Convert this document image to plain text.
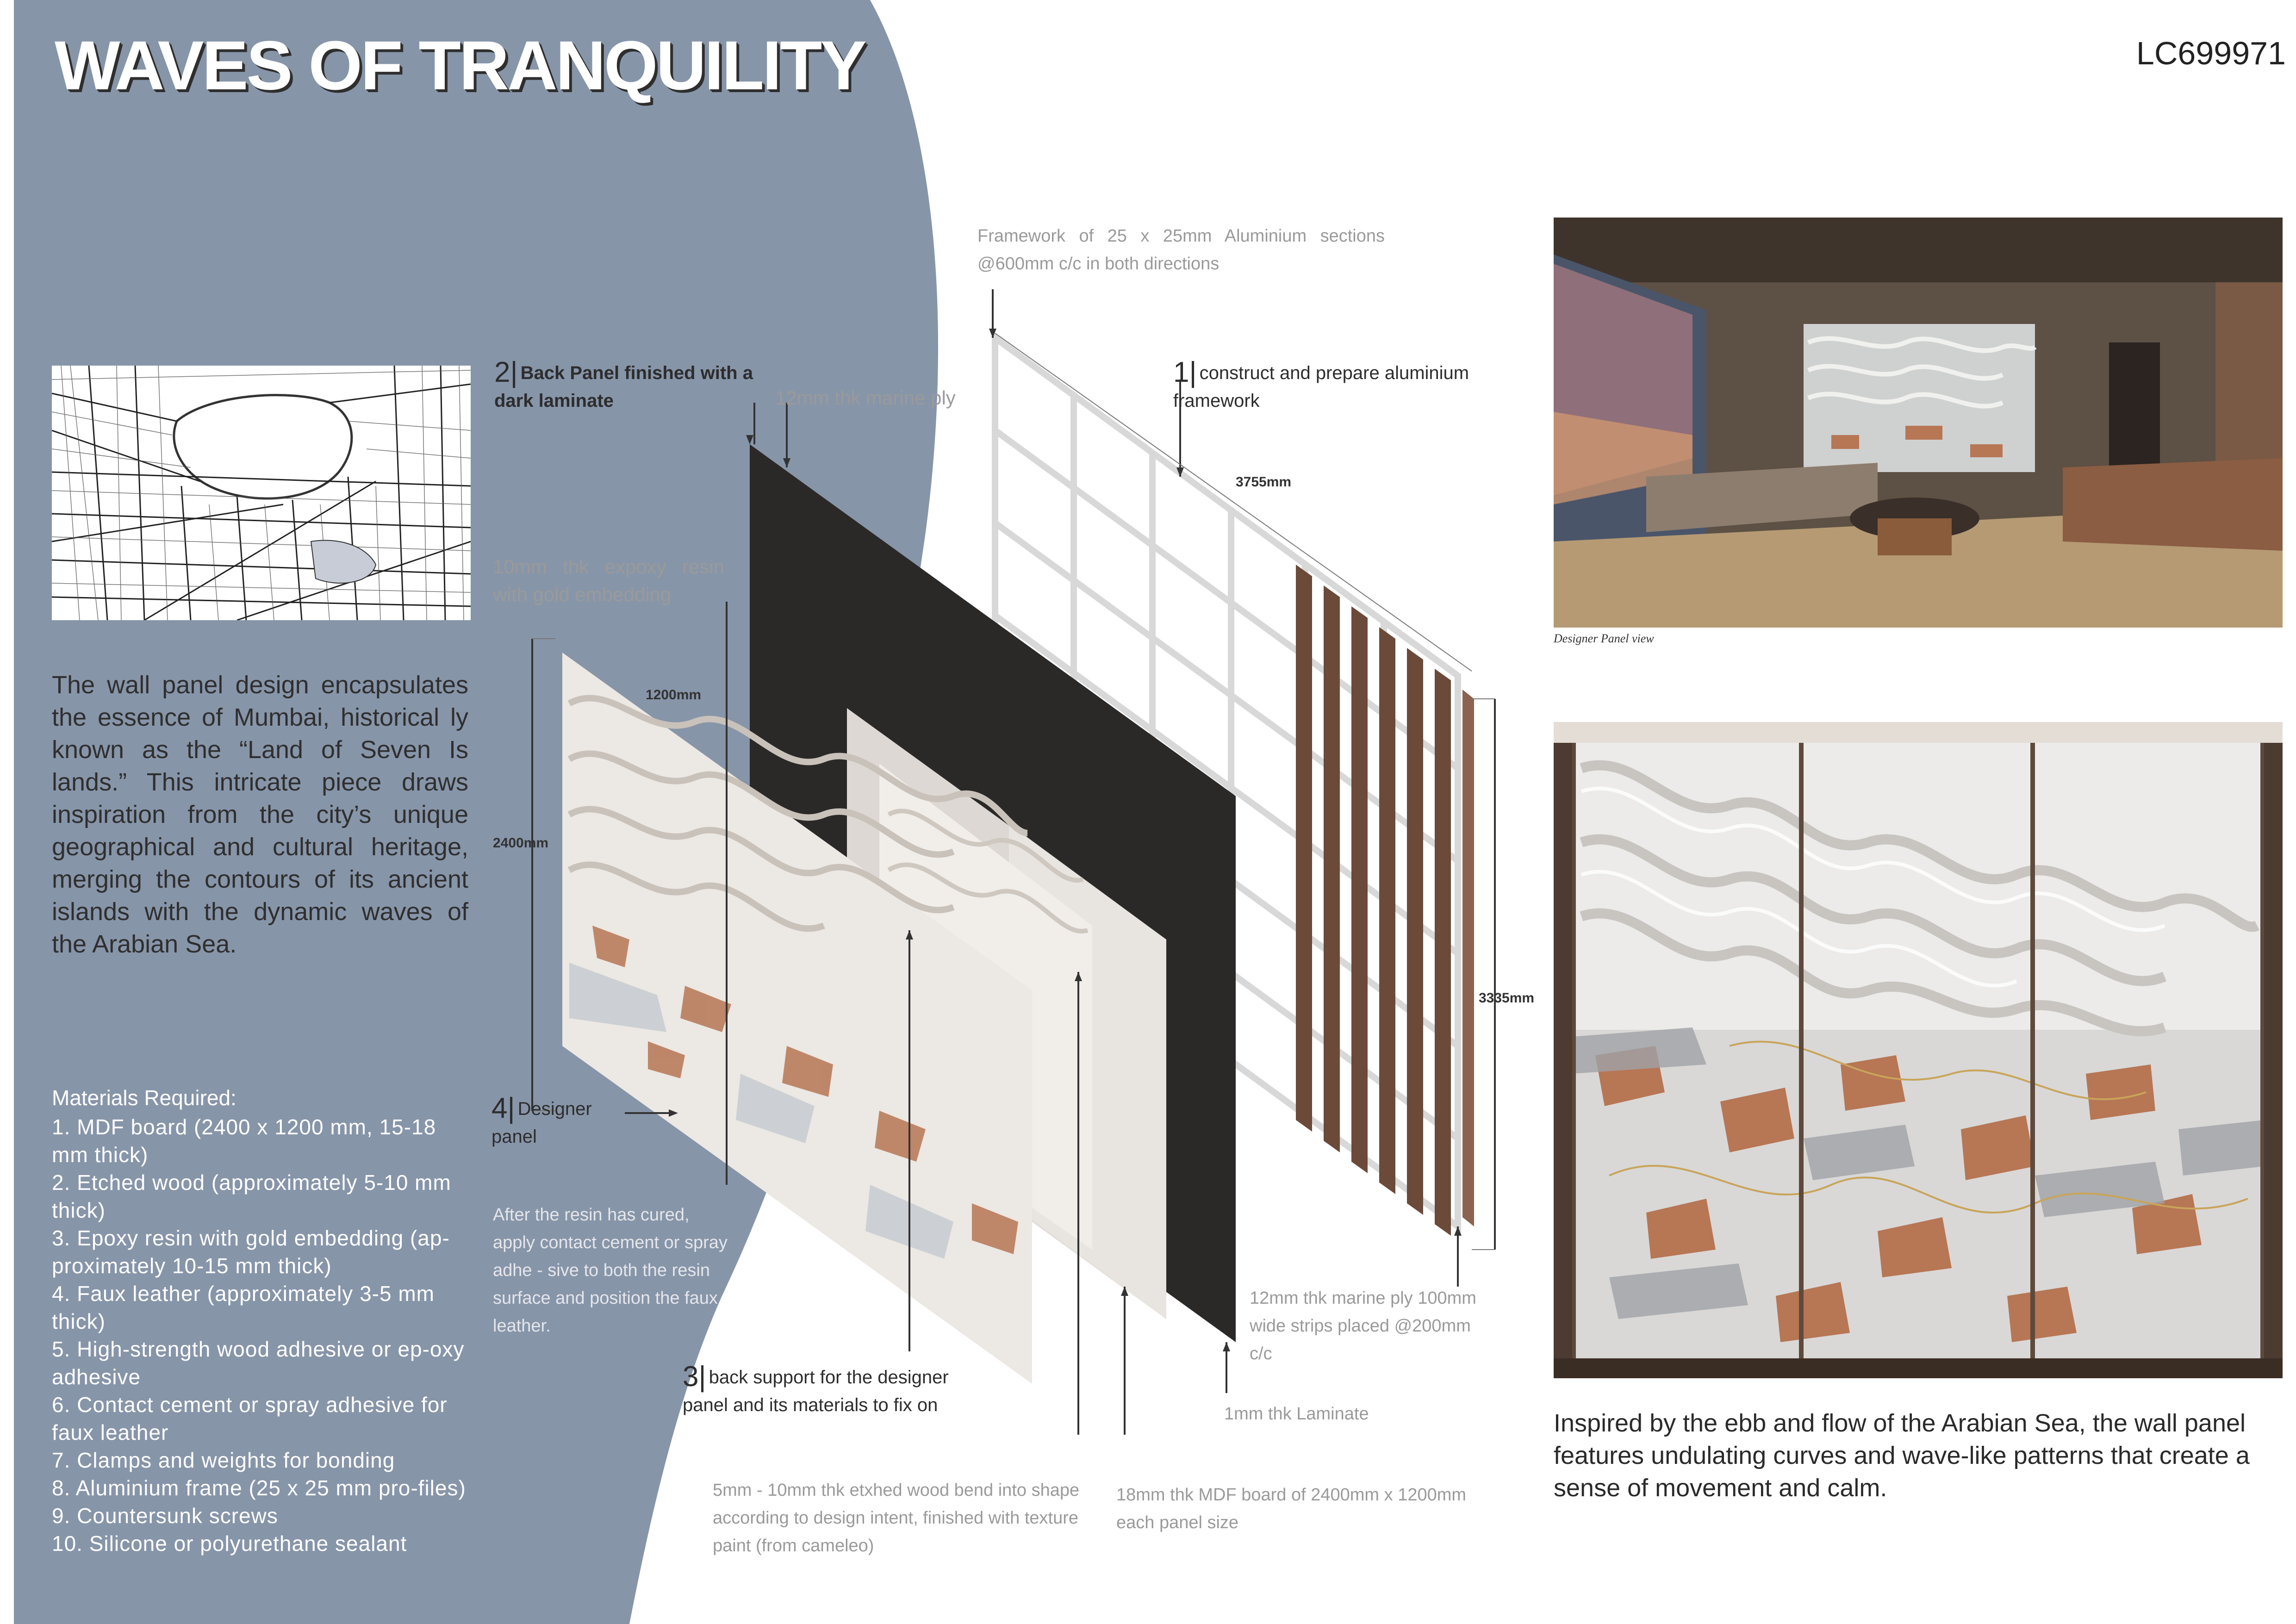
WAVES OF TRANQUILITY	LC699971
The wall panel design encapsulates the essence of Mumbai, historical ly known as the “Land of Seven Is lands.” This intricate piece draws inspiration from the city’s unique geographical and cultural heritage, merging the contours of its ancient islands with the dynamic waves of the Arabian Sea.
Materials Required:
1. MDF board (2400 x 1200 mm, 15-18 mm thick)
2. Etched wood (approximately 5-10 mm thick)
3. Epoxy resin with gold embedding (ap-proximately 10-15 mm thick)
4. Faux leather (approximately 3-5 mm thick)
5. High-strength wood adhesive or ep-oxy adhesive
6. Contact cement or spray adhesive for faux leather
7. Clamps and weights for bonding
8. Aluminium frame (25 x 25 mm pro-files)
9. Countersunk screws
10. Silicone or polyurethane sealant
Framework of 25 x 25mm Aluminium sections @600mm c/c in both directions
1| construct and prepare aluminium framework
2| Back Panel finished with a dark laminate	12mm thk marine ply
10mm thk expoxy resin with gold embedding
4| Designer panel
After the resin has cured, apply contact cement or spray adhe - sive to both the resin surface and position the faux leather.
3| back support for the designer panel and its materials to fix on
5mm - 10mm thk etxhed wood bend into shape according to design intent, finished with texture paint (from cameleo)
18mm thk MDF board of 2400mm x 1200mm each panel size
1mm thk Laminate
12mm thk marine ply 100mm wide strips placed @200mm c/c
3755mm
3335mm
1200mm
2400mm
Designer Panel view
Inspired by the ebb and flow of the Arabian Sea, the wall panel features undulating curves and wave-like patterns that create a sense of movement and calm.
